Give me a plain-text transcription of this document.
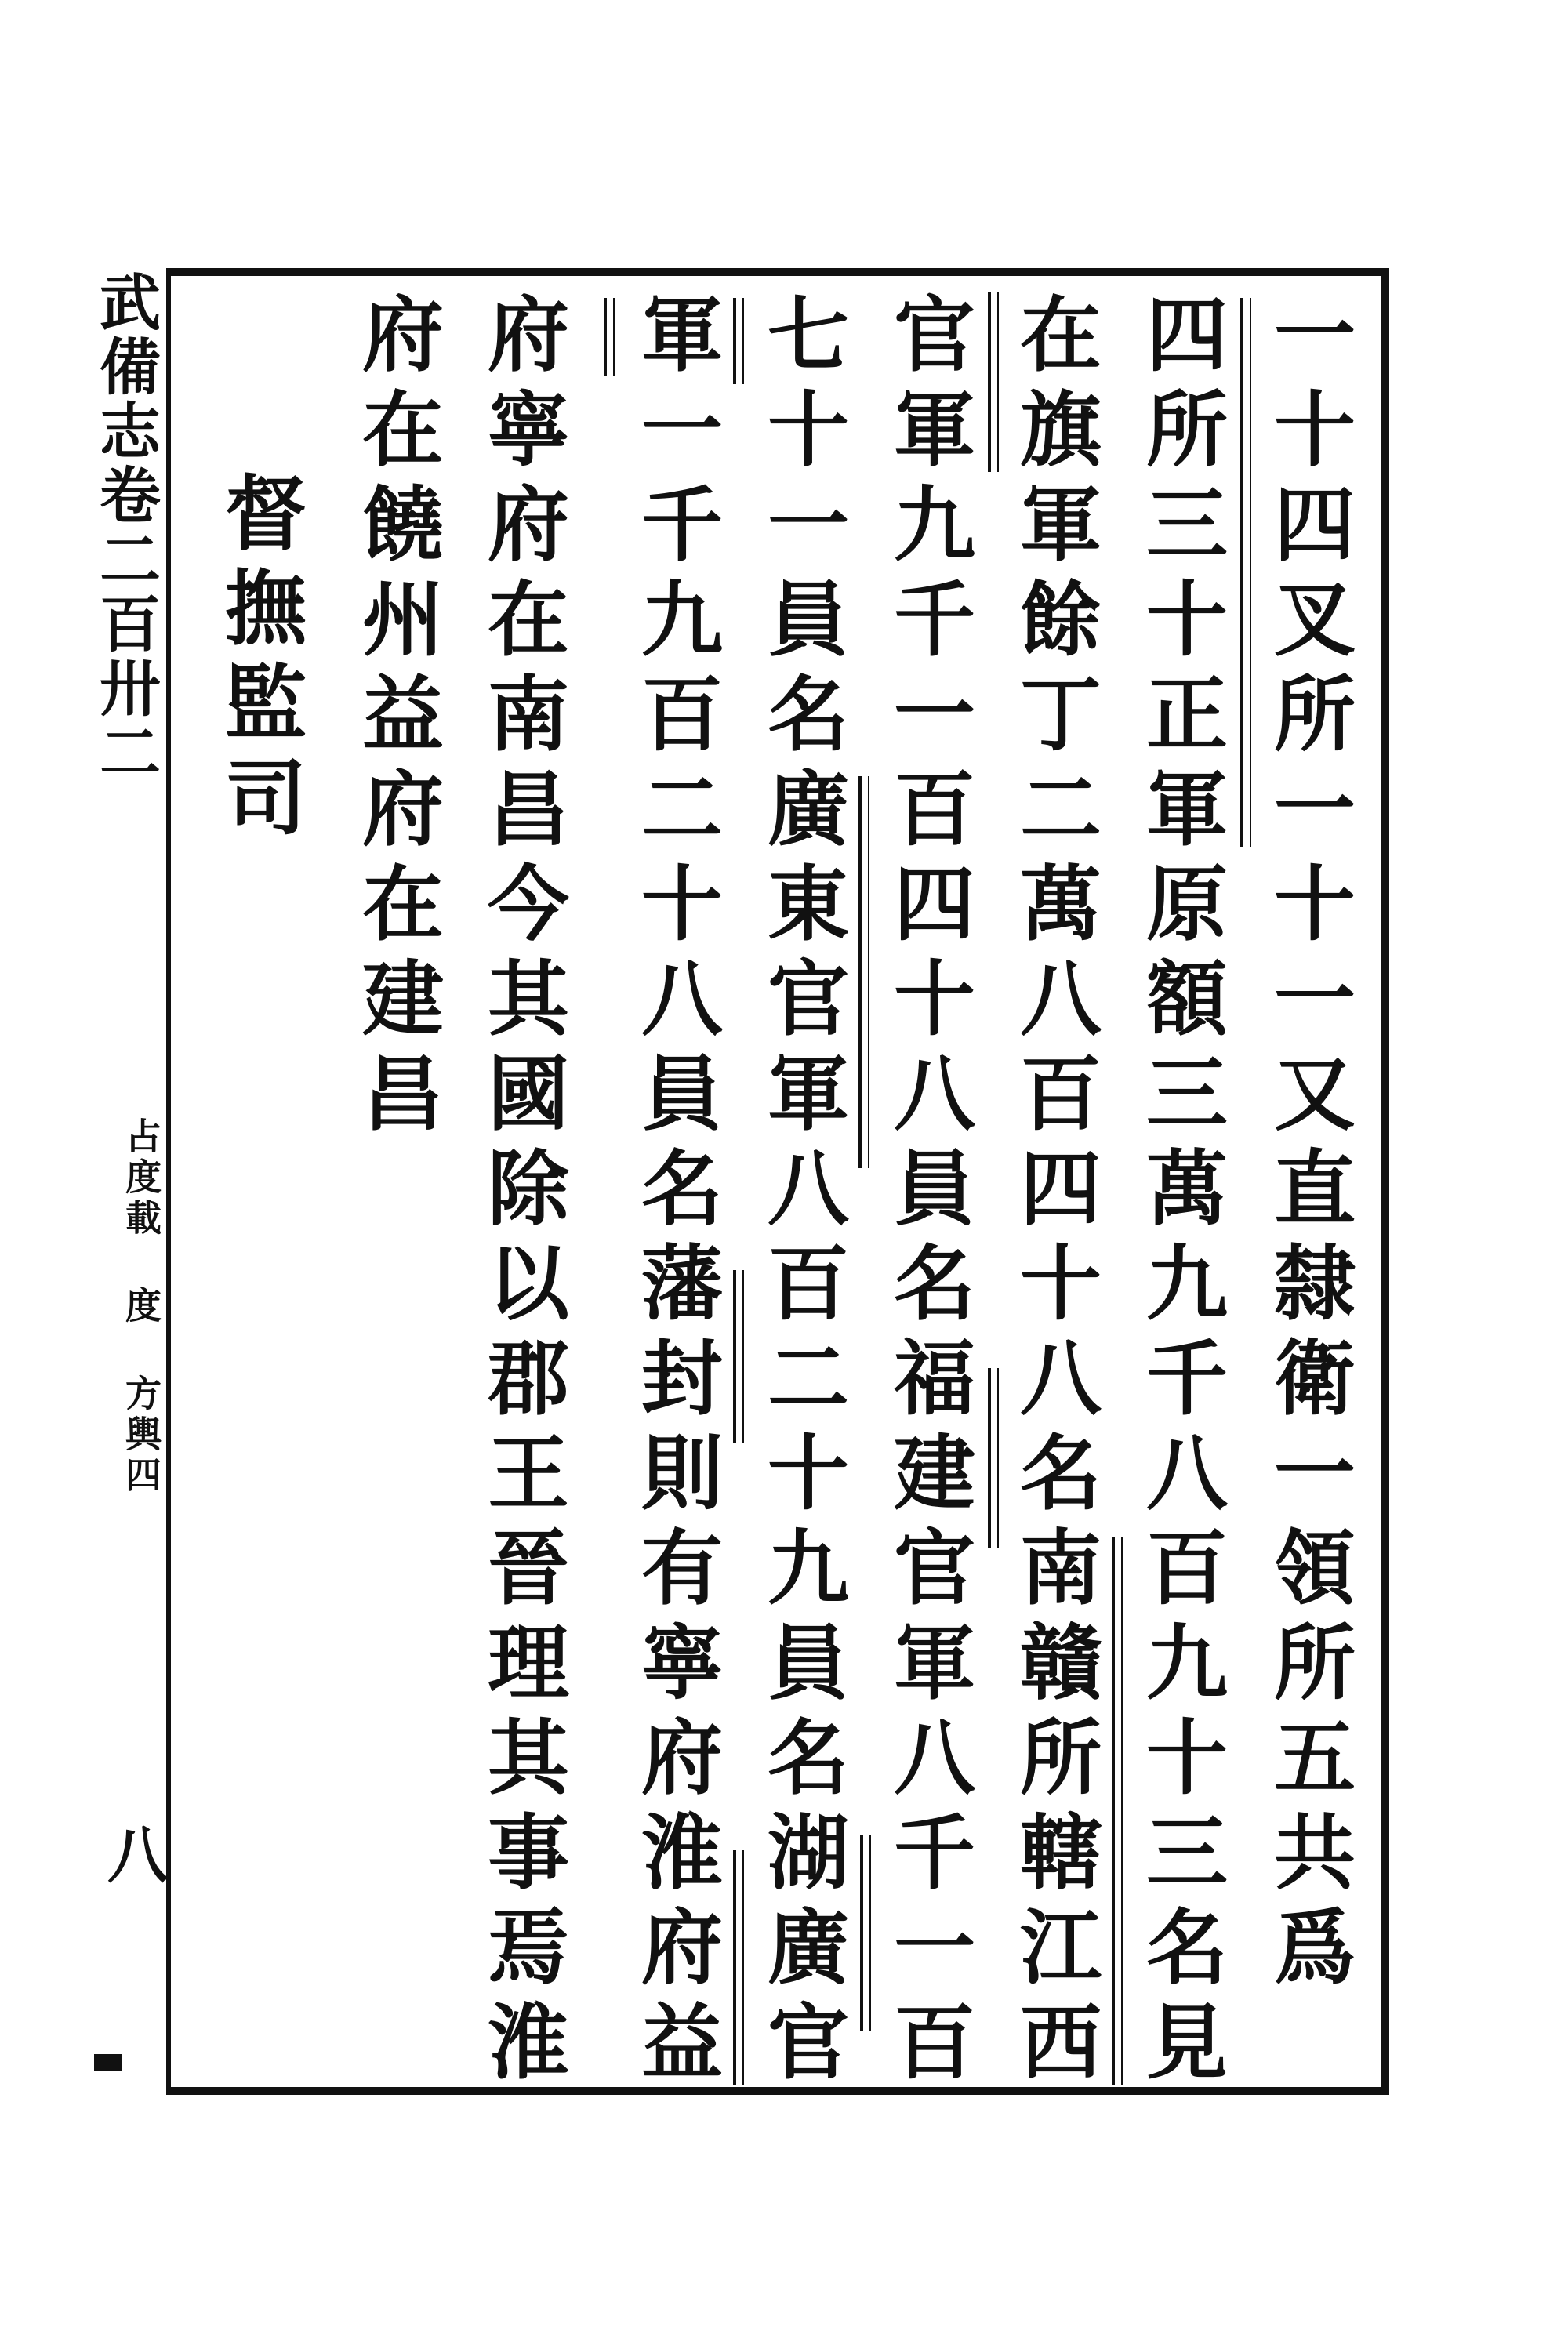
武備志卷二百卅二
占度載 度 方輿四
八	一十四叉所一十一又直隸衛一領所五共爲
四所三十正軍原額三萬九千八百九十三名見
在旗軍餘丁二萬八百四十八名南贛所轄江西
官軍九千一百四十八員名福建官軍八千一百
七十一員名廣東官軍八百二十九員名湖廣官
軍一千九百二十八員名藩封則有寧府淮府益
府寧府在南昌今其國除以郡王晉理其事焉淮
府在饒州益府在建昌
督撫監司
